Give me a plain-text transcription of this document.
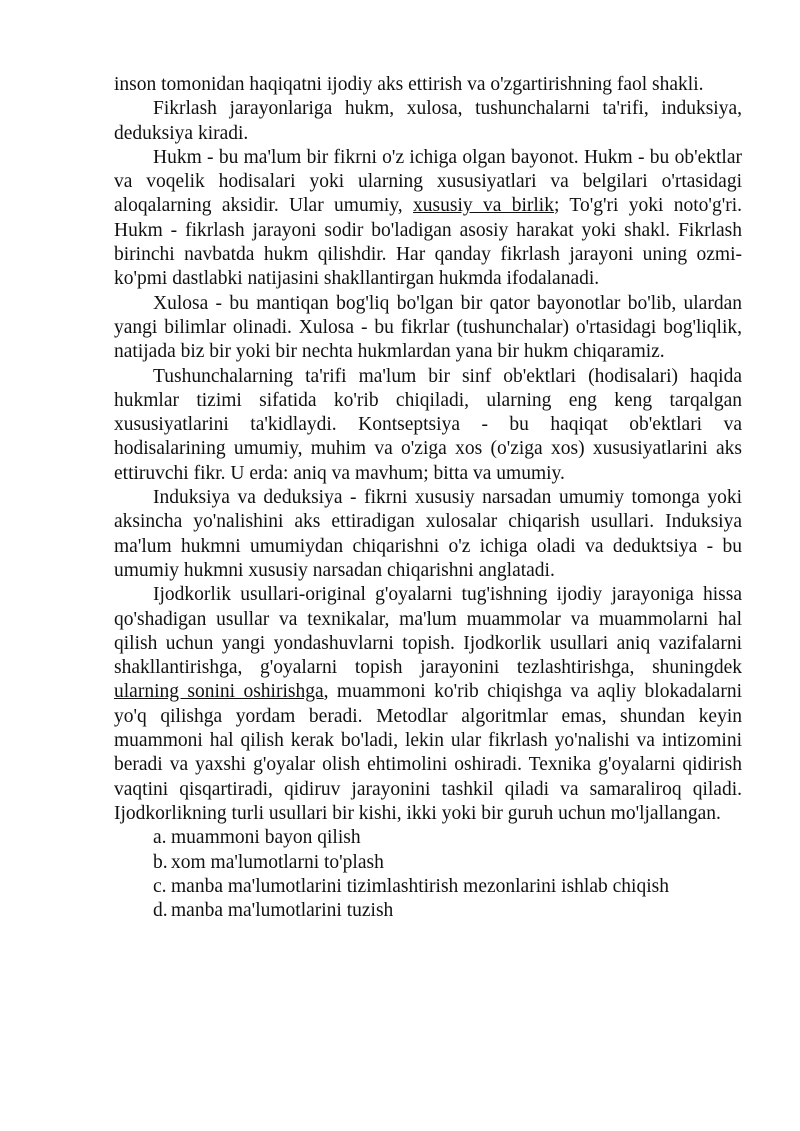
inson tomonidan haqiqatni ijodiy aks ettirish va o'zgartirishning faol shakli.

Fikrlash jarayonlariga hukm, xulosa, tushunchalarni ta'rifi, induksiya, deduksiya kiradi.

Hukm - bu ma'lum bir fikrni o'z ichiga olgan bayonot. Hukm - bu ob'ektlar va voqelik hodisalari yoki ularning xususiyatlari va belgilari o'rtasidagi aloqalarning aksidir. Ular umumiy, xususiy va birlik; To'g'ri yoki noto'g'ri. Hukm - fikrlash jarayoni sodir bo'ladigan asosiy harakat yoki shakl. Fikrlash birinchi navbatda hukm qilishdir. Har qanday fikrlash jarayoni uning ozmi-ko'pmi dastlabki natijasini shakllantirgan hukmda ifodalanadi.

Xulosa - bu mantiqan bog'liq bo'lgan bir qator bayonotlar bo'lib, ulardan yangi bilimlar olinadi. Xulosa - bu fikrlar (tushunchalar) o'rtasidagi bog'liqlik, natijada biz bir yoki bir nechta hukmlardan yana bir hukm chiqaramiz.

Tushunchalarning ta'rifi ma'lum bir sinf ob'ektlari (hodisalari) haqida hukmlar tizimi sifatida ko'rib chiqiladi, ularning eng keng tarqalgan xususiyatlarini ta'kidlaydi. Kontseptsiya - bu haqiqat ob'ektlari va hodisalarining umumiy, muhim va o'ziga xos (o'ziga xos) xususiyatlarini aks ettiruvchi fikr. U erda: aniq va mavhum; bitta va umumiy.

Induksiya va deduksiya - fikrni xususiy narsadan umumiy tomonga yoki aksincha yo'nalishini aks ettiradigan xulosalar chiqarish usullari. Induksiya ma'lum hukmni umumiydan chiqarishni o'z ichiga oladi va deduktsiya - bu umumiy hukmni xususiy narsadan chiqarishni anglatadi.

Ijodkorlik usullari-original g'oyalarni tug'ishning ijodiy jarayoniga hissa qo'shadigan usullar va texnikalar, ma'lum muammolar va muammolarni hal qilish uchun yangi yondashuvlarni topish. Ijodkorlik usullari aniq vazifalarni shakllantirishga, g'oyalarni topish jarayonini tezlashtirishga, shuningdek ularning sonini oshirishga, muammoni ko'rib chiqishga va aqliy blokadalarni yo'q qilishga yordam beradi. Metodlar algoritmlar emas, shundan keyin muammoni hal qilish kerak bo'ladi, lekin ular fikrlash yo'nalishi va intizomini beradi va yaxshi g'oyalar olish ehtimolini oshiradi. Texnika g'oyalarni qidirish vaqtini qisqartiradi, qidiruv jarayonini tashkil qiladi va samaraliroq qiladi. Ijodkorlikning turli usullari bir kishi, ikki yoki bir guruh uchun mo'ljallangan.

a. muammoni bayon qilish
b. xom ma'lumotlarni to'plash
c. manba ma'lumotlarini tizimlashtirish mezonlarini ishlab chiqish
d. manba ma'lumotlarini tuzish
